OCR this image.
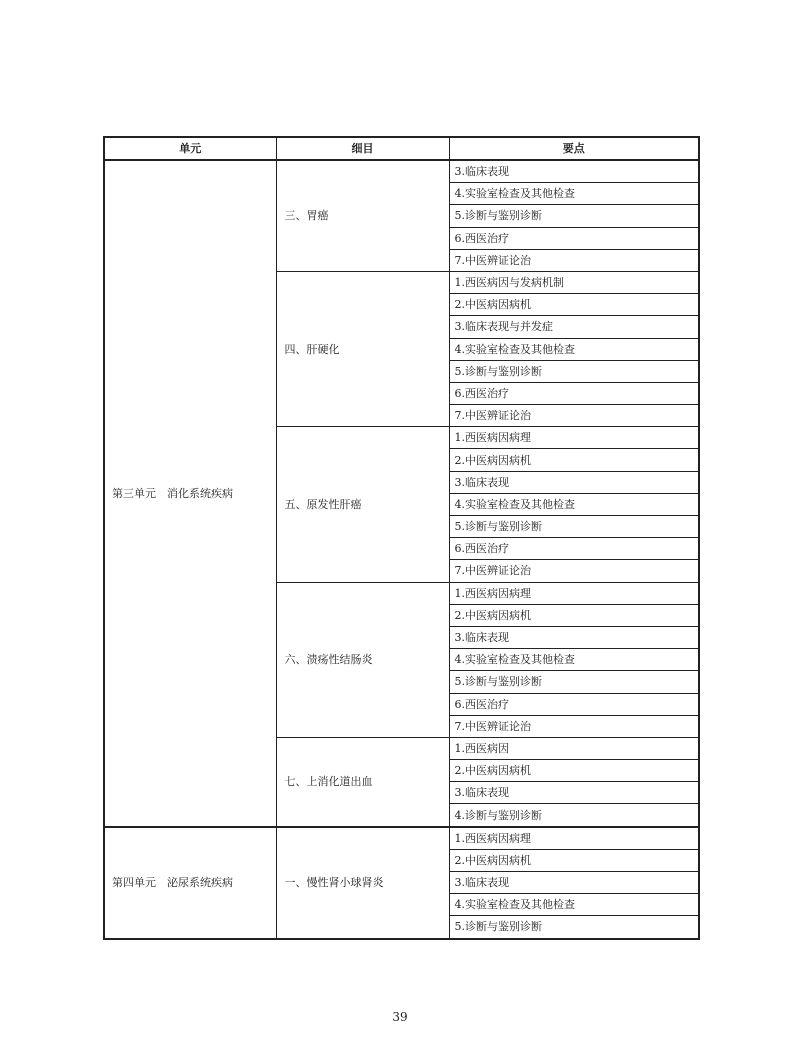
单元	细目	要点
第三单元　消化系统疾病	三、胃癌	3.临床表现
		4.实验室检查及其他检查
		5.诊断与鉴别诊断
		6.西医治疗
		7.中医辨证论治
	四、肝硬化	1.西医病因与发病机制
		2.中医病因病机
		3.临床表现与并发症
		4.实验室检查及其他检查
		5.诊断与鉴别诊断
		6.西医治疗
		7.中医辨证论治
	五、原发性肝癌	1.西医病因病理
		2.中医病因病机
		3.临床表现
		4.实验室检查及其他检查
		5.诊断与鉴别诊断
		6.西医治疗
		7.中医辨证论治
	六、溃疡性结肠炎	1.西医病因病理
		2.中医病因病机
		3.临床表现
		4.实验室检查及其他检查
		5.诊断与鉴别诊断
		6.西医治疗
		7.中医辨证论治
	七、上消化道出血	1.西医病因
		2.中医病因病机
		3.临床表现
		4.诊断与鉴别诊断
第四单元　泌尿系统疾病	一、慢性肾小球肾炎	1.西医病因病理
		2.中医病因病机
		3.临床表现
		4.实验室检查及其他检查
		5.诊断与鉴别诊断
39
